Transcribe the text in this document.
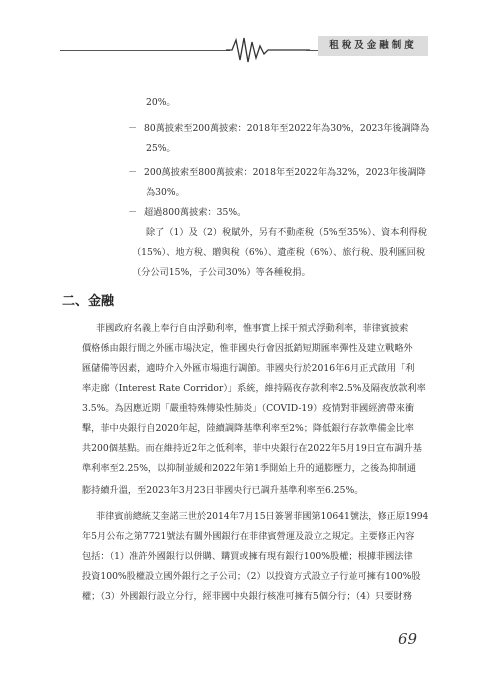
租稅及金融制度
20%。
－ 80萬披索至200萬披索：2018年至2022年為30%，2023年後調降為
25%。
－ 200萬披索至800萬披索：2018年至2022年為32%，2023年後調降
為30%。
－ 超過800萬披索：35%。
除了（1）及（2）稅賦外，另有不動產稅（5%至35%）、資本利得稅
（15%）、地方稅、贈與稅（6%）、遺產稅（6%）、旅行稅、股利匯回稅
（分公司15%，子公司30%）等各種稅捐。
二、金融
菲國政府名義上奉行自由浮動利率，惟事實上採干預式浮動利率，菲律賓披索
價格係由銀行間之外匯市場決定，惟菲國央行會因抵銷短期匯率彈性及建立戰略外
匯儲備等因素，適時介入外匯市場進行調節。菲國央行於2016年6月正式啟用「利
率走廊（Interest Rate Corridor）」系統，維持隔夜存款利率2.5%及隔夜放款利率
3.5%。為因應近期「嚴重特殊傳染性肺炎」（COVID-19）疫情對菲國經濟帶來衝
擊，菲中央銀行自2020年起，陸續調降基準利率至2%；降低銀行存款準備金比率
共200個基點。而在維持近2年之低利率，菲中央銀行在2022年5月19日宣布調升基
準利率至2.25%，以抑制並緩和2022年第1季開始上升的通膨壓力，之後為抑制通
膨持續升溫，至2023年3月23日菲國央行已調升基準利率至6.25%。
菲律賓前總統艾奎諾三世於2014年7月15日簽署菲國第10641號法，修正原1994
年5月公布之第7721號法有關外國銀行在菲律賓營運及設立之規定。主要修正內容
包括：（1）准許外國銀行以併購、購買或擁有現有銀行100%股權；根據菲國法律
投資100%股權設立國外銀行之子公司；（2）以投資方式設立子行並可擁有100%股
權；（3）外國銀行設立分行，經菲國中央銀行核准可擁有5個分行；（4）只要財務
69
